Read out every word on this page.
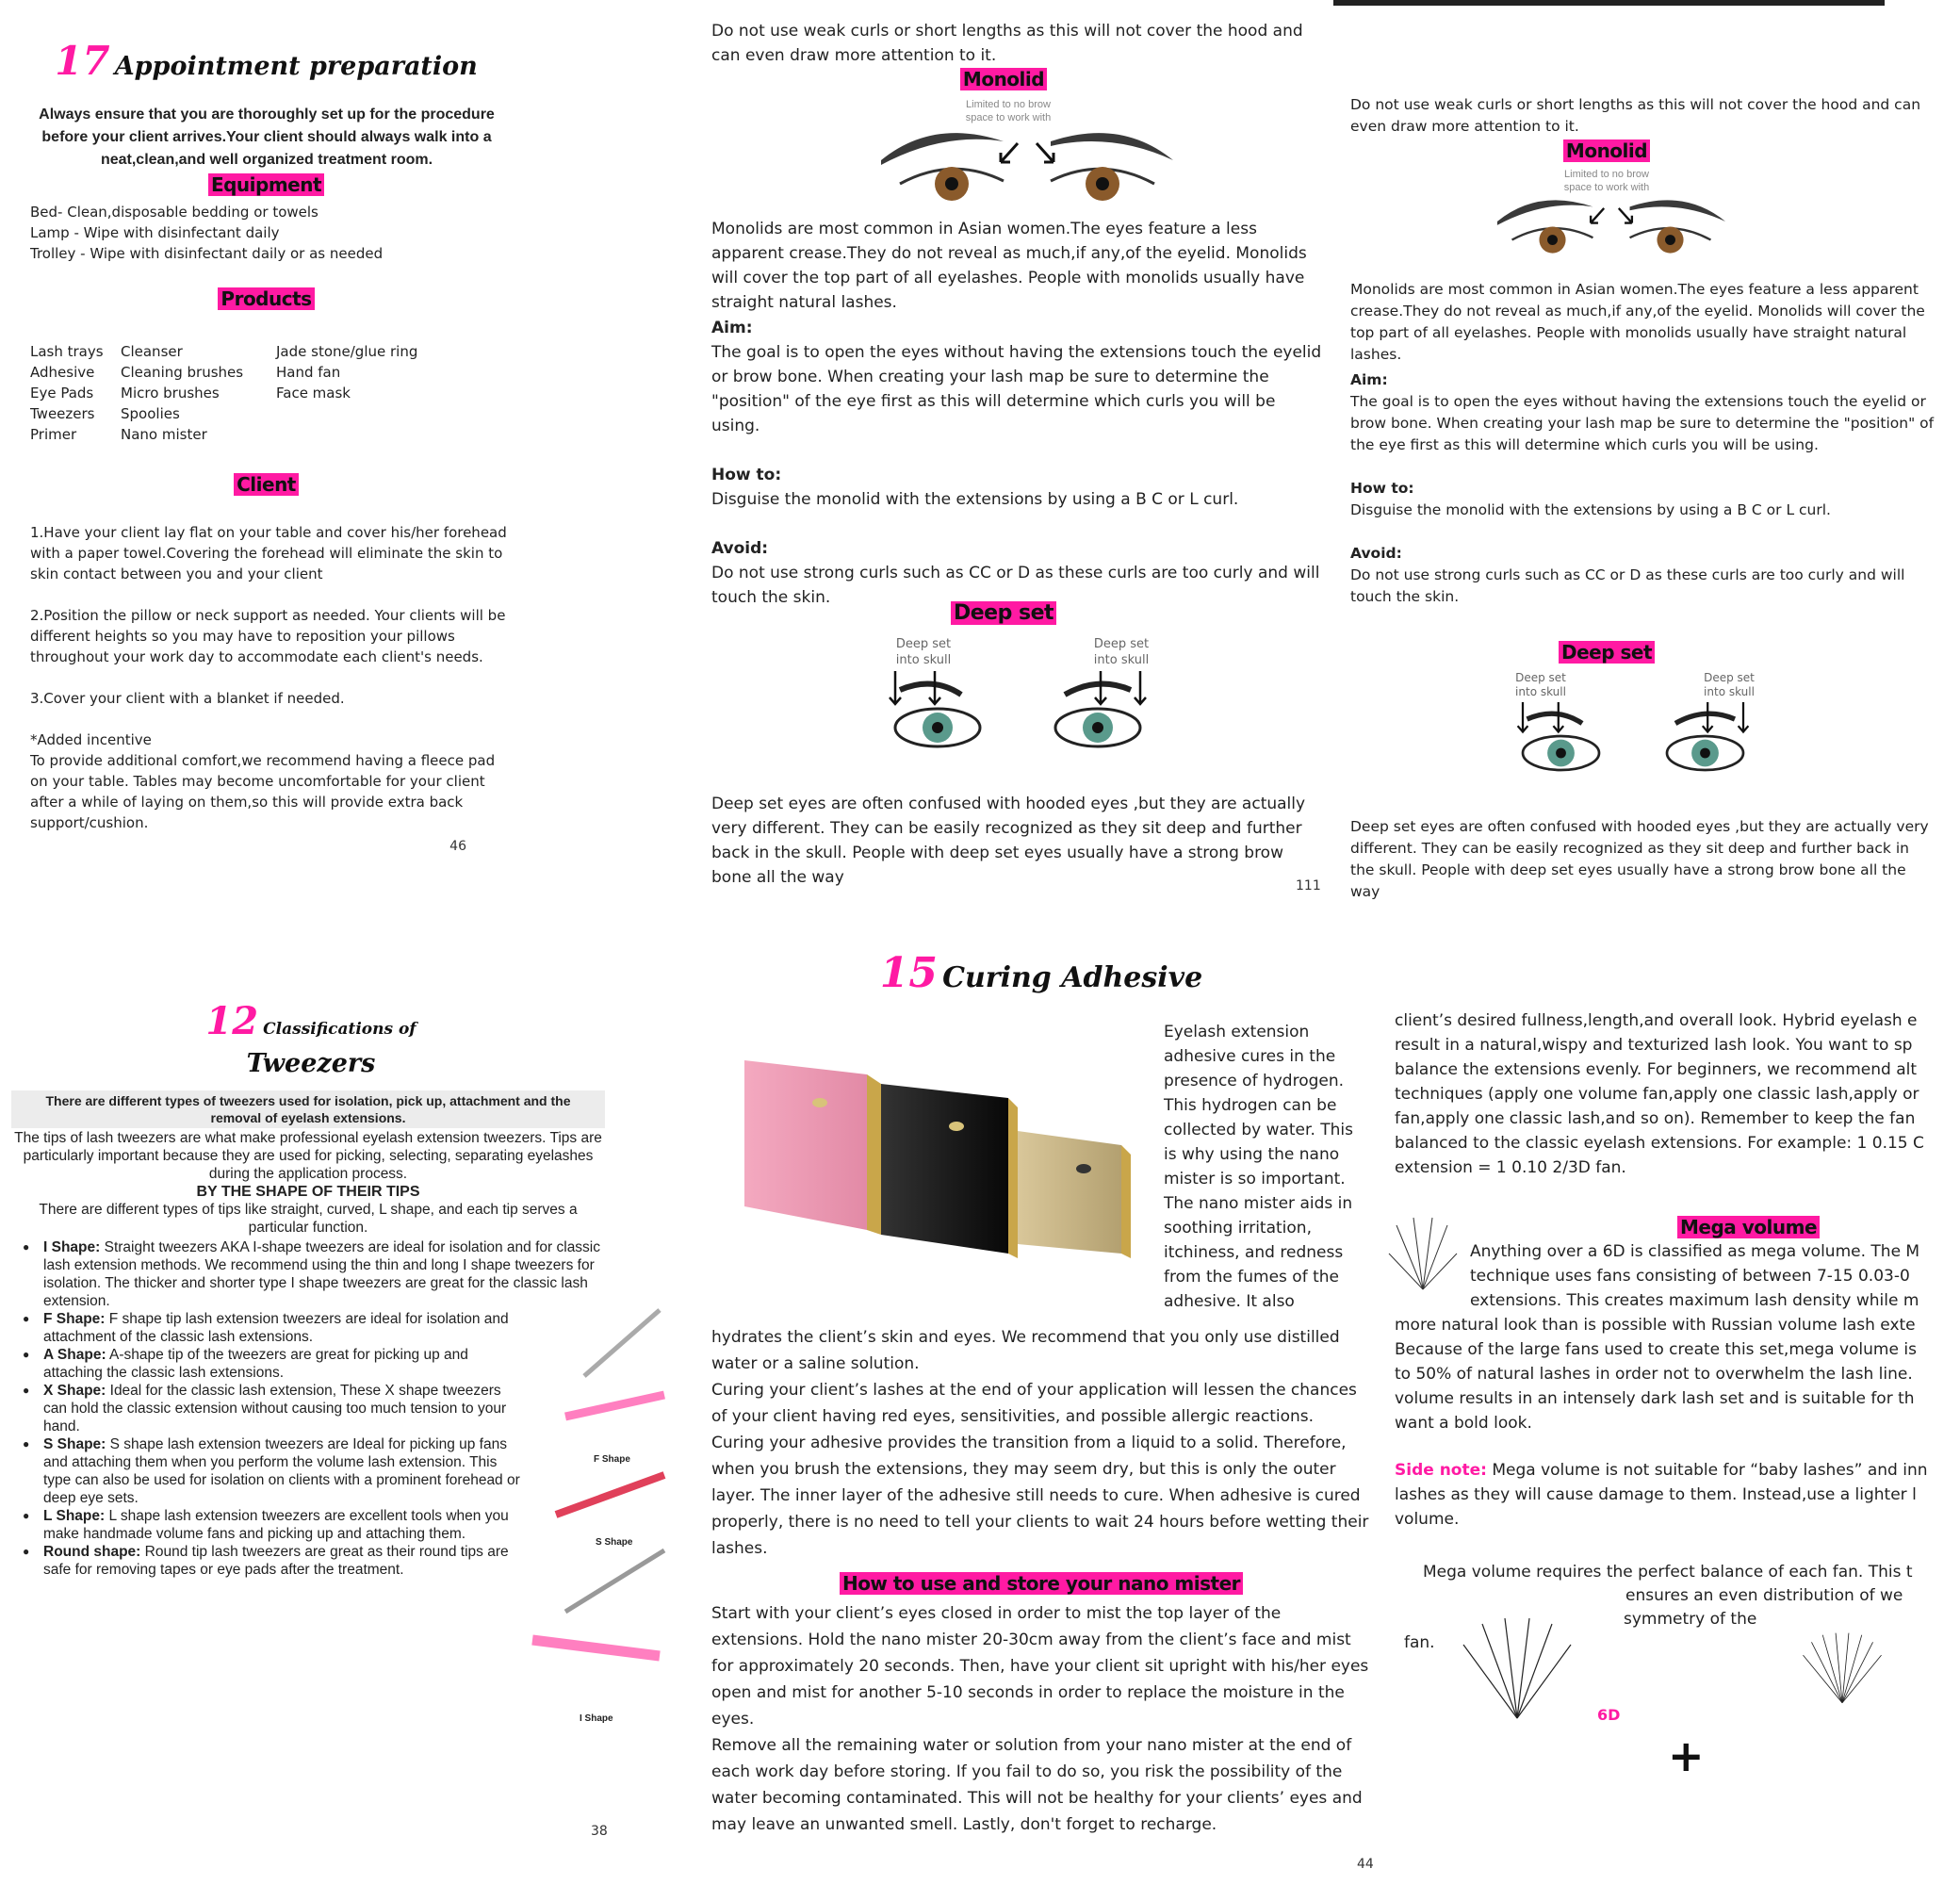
17 Appointment preparation
Always ensure that you are thoroughly set up for the procedure before your client arrives.Your client should always walk into a neat,clean,and well organized treatment room.
Equipment
Bed- Clean,disposable bedding or towels
Lamp - Wipe with disinfectant daily
Trolley - Wipe with disinfectant daily or as needed
Products
Lash trays
Adhesive
Eye Pads
Tweezers
Primer
Cleanser
Cleaning brushes
Micro brushes
Spoolies
Nano mister
Jade stone/glue ring
Hand fan
Face mask
Client

1.Have your client lay flat on your table and cover his/her forehead with a paper towel.Covering the forehead will eliminate the skin to skin contact between you and your client

2.Position the pillow or neck support as needed. Your clients will be different heights so you may have to reposition your pillows throughout your work day to accommodate each client's needs.

3.Cover your client with a blanket if needed.

*Added incentive

To provide additional comfort,we recommend having a fleece pad on your table. Tables may become uncomfortable for your client after a while of laying on them,so this will provide extra back support/cushion.

46
Do not use weak curls or short lengths as this will not cover the hood and can even draw more attention to it.
Monolid
Limited to no brow space to work with
Monolids are most common in Asian women.The eyes feature a less apparent crease.They do not reveal as much,if any,of the eyelid. Monolids will cover the top part of all eyelashes. People with monolids usually have straight natural lashes.
Aim:
The goal is to open the eyes without having the extensions touch the eyelid or brow bone. When creating your lash map be sure to determine the "position" of the eye first as this will determine which curls you will be using.
How to:
Disguise the monolid with the extensions by using a B C or L curl.
Avoid:
Do not use strong curls such as CC or D as these curls are too curly and will touch the skin.
Deep set
Deep set into skull
Deep set into skull
Deep set eyes are often confused with hooded eyes ,but they are actually very different. They can be easily recognized as they sit deep and further back in the skull. People with deep set eyes usually have a strong brow bone all the way	111
Do not use weak curls or short lengths as this will not cover the hood and can even draw more attention to it.
Monolid
Limited to no brow space to work with
Monolids are most common in Asian women.The eyes feature a less apparent crease.They do not reveal as much,if any,of the eyelid. Monolids will cover the top part of all eyelashes. People with monolids usually have straight natural lashes.
Aim:
The goal is to open the eyes without having the extensions touch the eyelid or brow bone. When creating your lash map be sure to determine the "position" of the eye first as this will determine which curls you will be using.
How to:
Disguise the monolid with the extensions by using a B C or L curl.
Avoid:
Do not use strong curls such as CC or D as these curls are too curly and will touch the skin.
Deep set
Deep set into skull
Deep set into skull
Deep set eyes are often confused with hooded eyes ,but they are actually very different. They can be easily recognized as they sit deep and further back in the skull. People with deep set eyes usually have a strong brow bone all the way
12 Classifications of
Tweezers
There are different types of tweezers used for isolation, pick up, attachment and the removal of eyelash extensions.
The tips of lash tweezers are what make professional eyelash extension tweezers. Tips are particularly important because they are used for picking, selecting, separating eyelashes during the application process.
BY THE SHAPE OF THEIR TIPS
There are different types of tips like straight, curved, L shape, and each tip serves a particular function.
● I Shape: Straight tweezers AKA I-shape tweezers are ideal for isolation and for classic lash extension methods. We recommend using the thin and long I shape tweezers for isolation. The thicker and shorter type I shape tweezers are great for the classic lash extension.
● F Shape: F shape tip lash extension tweezers are ideal for isolation and attachment of the classic lash extensions.
● A Shape: A-shape tip of the tweezers are great for picking up and attaching the classic lash extensions.
● X Shape: Ideal for the classic lash extension, These X shape tweezers can hold the classic extension without causing too much tension to your hand.
● S Shape: S shape lash extension tweezers are Ideal for picking up fans and attaching them when you perform the volume lash extension. This type can also be used for isolation on clients with a prominent forehead or deep eye sets.
● L Shape: L shape lash extension tweezers are excellent tools when you make handmade volume fans and picking up and attaching them.
● Round shape: Round tip lash tweezers are great as their round tips are safe for removing tapes or eye pads after the treatment.
F Shape
S Shape
I Shape
38
15 Curing Adhesive
Eyelash extension
adhesive cures in the
presence of hydrogen.
This hydrogen can be
collected by water. This
is why using the nano
mister is so important.
The nano mister aids in
soothing irritation,
itchiness, and redness
from the fumes of the
adhesive. It also

hydrates the client’s skin and eyes. We recommend that you only use distilled water or a saline solution.

Curing your client’s lashes at the end of your application will lessen the chances of your client having red eyes, sensitivities, and possible allergic reactions. Curing your adhesive provides the transition from a liquid to a solid. Therefore, when you brush the extensions, they may seem dry, but this is only the outer layer. The inner layer of the adhesive still needs to cure. When adhesive is cured properly, there is no need to tell your clients to wait 24 hours before wetting their lashes.

How to use and store your nano mister

Start with your client’s eyes closed in order to mist the top layer of the extensions. Hold the nano mister 20-30cm away from the client’s face and mist for approximately 20 seconds. Then, have your client sit upright with his/her eyes open and mist for another 5-10 seconds in order to replace the moisture in the eyes.

Remove all the remaining water or solution from your nano mister at the end of each work day before storing. If you fail to do so, you risk the possibility of the water becoming contaminated. This will not be healthy for your clients’ eyes and may leave an unwanted smell. Lastly, don't forget to recharge.

44
client’s desired fullness,length,and overall look. Hybrid eyelash e
result in a natural,wispy and texturized lash look. You want to sp
balance the extensions evenly. For beginners, we recommend alt
techniques (apply one volume fan,apply one classic lash,apply or
fan,apply one classic lash,and so on). Remember to keep the fan
balanced to the classic eyelash extensions. For example: 1 0.15 C
extension = 1 0.10 2/3D fan.
Mega volume
Anything over a 6D is classified as mega volume. The M
technique uses fans consisting of between 7-15 0.03-0
extensions. This creates maximum lash density while m
more natural look than is possible with Russian volume lash exte
Because of the large fans used to create this set,mega volume is
to 50% of natural lashes in order not to overwhelm the lash line.
volume results in an intensely dark lash set and is suitable for th
want a bold look.
Side note: Mega volume is not suitable for “baby lashes” and inn
lashes as they will cause damage to them. Instead,use a lighter l
volume.
Mega volume requires the perfect balance of each fan. This t
ensures an even distribution of we
symmetry of the
fan.
6D
+
